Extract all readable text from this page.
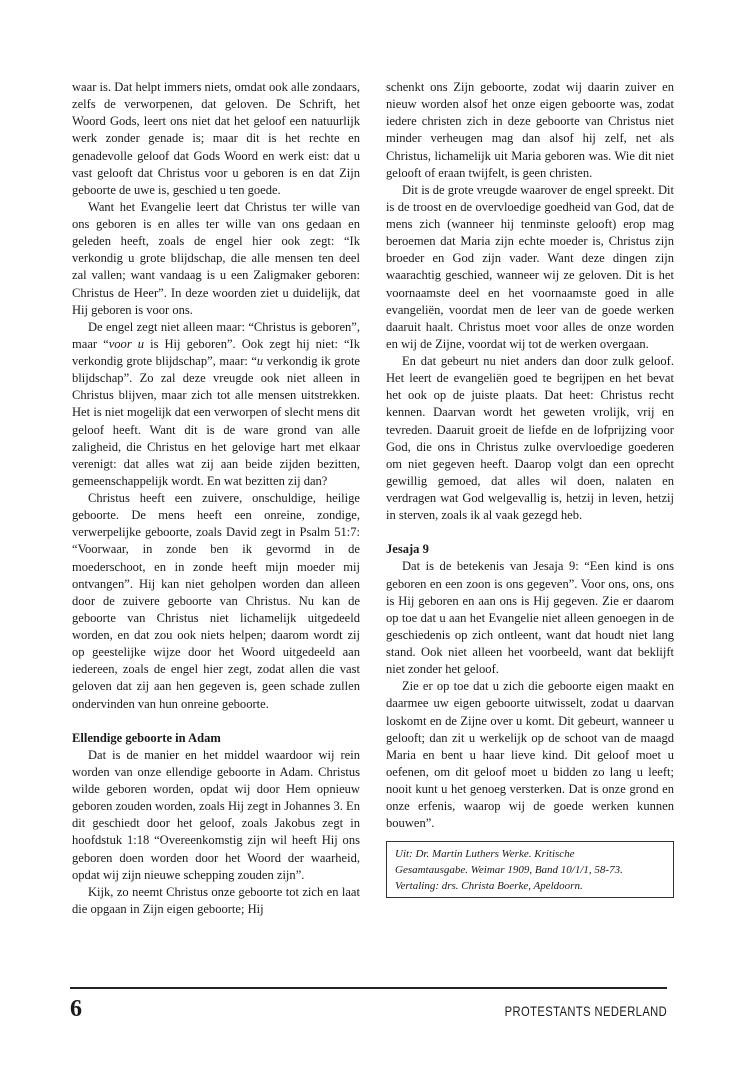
waar is. Dat helpt immers niets, omdat ook alle zondaars, zelfs de verworpenen, dat geloven. De Schrift, het Woord Gods, leert ons niet dat het geloof een natuurlijk werk zonder genade is; maar dit is het rechte en genadevolle geloof dat Gods Woord en werk eist: dat u vast gelooft dat Christus voor u geboren is en dat Zijn geboorte de uwe is, geschied u ten goede.

Want het Evangelie leert dat Christus ter wille van ons geboren is en alles ter wille van ons gedaan en geleden heeft, zoals de engel hier ook zegt: “Ik verkondig u grote blijdschap, die alle mensen ten deel zal vallen; want vandaag is u een Zaligmaker geboren: Christus de Heer”. In deze woorden ziet u duidelijk, dat Hij geboren is voor ons.

De engel zegt niet alleen maar: “Christus is geboren”, maar “voor u is Hij geboren”. Ook zegt hij niet: “Ik verkondig grote blijdschap”, maar: “u verkondig ik grote blijdschap”. Zo zal deze vreugde ook niet alleen in Christus blijven, maar zich tot alle mensen uitstrekken. Het is niet mogelijk dat een verworpen of slecht mens dit geloof heeft. Want dit is de ware grond van alle zaligheid, die Christus en het gelovige hart met elkaar verenigt: dat alles wat zij aan beide zijden bezitten, gemeenschappelijk wordt. En wat bezitten zij dan?

Christus heeft een zuivere, onschuldige, heilige geboorte. De mens heeft een onreine, zondige, verwerpelijke geboorte, zoals David zegt in Psalm 51:7: “Voorwaar, in zonde ben ik gevormd in de moederschoot, en in zonde heeft mijn moeder mij ontvangen”. Hij kan niet geholpen worden dan alleen door de zuivere geboorte van Christus. Nu kan de geboorte van Christus niet lichamelijk uitgedeeld worden, en dat zou ook niets helpen; daarom wordt zij op geestelijke wijze door het Woord uitgedeeld aan iedereen, zoals de engel hier zegt, zodat allen die vast geloven dat zij aan hen gegeven is, geen schade zullen ondervinden van hun onreine geboorte.

Ellendige geboorte in Adam

Dat is de manier en het middel waardoor wij rein worden van onze ellendige geboorte in Adam. Christus wilde geboren worden, opdat wij door Hem opnieuw geboren zouden worden, zoals Hij zegt in Johannes 3. En dit geschiedt door het geloof, zoals Jakobus zegt in hoofdstuk 1:18 “Overeenkomstig zijn wil heeft Hij ons geboren doen worden door het Woord der waarheid, opdat wij zijn nieuwe schepping zouden zijn”.

Kijk, zo neemt Christus onze geboorte tot zich en laat die opgaan in Zijn eigen geboorte; Hij

schenkt ons Zijn geboorte, zodat wij daarin zuiver en nieuw worden alsof het onze eigen geboorte was, zodat iedere christen zich in deze geboorte van Christus niet minder verheugen mag dan alsof hij zelf, net als Christus, lichamelijk uit Maria geboren was. Wie dit niet gelooft of eraan twijfelt, is geen christen.

Dit is de grote vreugde waarover de engel spreekt. Dit is de troost en de overvloedige goedheid van God, dat de mens zich (wanneer hij tenminste gelooft) erop mag beroemen dat Maria zijn echte moeder is, Christus zijn broeder en God zijn vader. Want deze dingen zijn waarachtig geschied, wanneer wij ze geloven. Dit is het voornaamste deel en het voornaamste goed in alle evangeliën, voordat men de leer van de goede werken daaruit haalt. Christus moet voor alles de onze worden en wij de Zijne, voordat wij tot de werken overgaan.

En dat gebeurt nu niet anders dan door zulk geloof. Het leert de evangeliën goed te begrijpen en het bevat het ook op de juiste plaats. Dat heet: Christus recht kennen. Daarvan wordt het geweten vrolijk, vrij en tevreden. Daaruit groeit de liefde en de lofprijzing voor God, die ons in Christus zulke overvloedige goederen om niet gegeven heeft. Daarop volgt dan een oprecht gewillig gemoed, dat alles wil doen, nalaten en verdragen wat God welgevallig is, hetzij in leven, hetzij in sterven, zoals ik al vaak gezegd heb.

Jesaja 9

Dat is de betekenis van Jesaja 9: “Een kind is ons geboren en een zoon is ons gegeven”. Voor ons, ons, ons is Hij geboren en aan ons is Hij gegeven. Zie er daarom op toe dat u aan het Evangelie niet alleen genoegen in de geschiedenis op zich ontleent, want dat houdt niet lang stand. Ook niet alleen het voorbeeld, want dat beklijft niet zonder het geloof.

Zie er op toe dat u zich die geboorte eigen maakt en daarmee uw eigen geboorte uitwisselt, zodat u daarvan loskomt en de Zijne over u komt. Dit gebeurt, wanneer u gelooft; dan zit u werkelijk op de schoot van de maagd Maria en bent u haar lieve kind. Dit geloof moet u oefenen, om dit geloof moet u bidden zo lang u leeft; nooit kunt u het genoeg versterken. Dat is onze grond en onze erfenis, waarop wij de goede werken kunnen bouwen”.

Uit: Dr. Martin Luthers Werke. Kritische
Gesamtausgabe. Weimar 1909, Band 10/1/1, 58-73.
Vertaling: drs. Christa Boerke, Apeldoorn.
6	PROTESTANTS NEDERLAND
